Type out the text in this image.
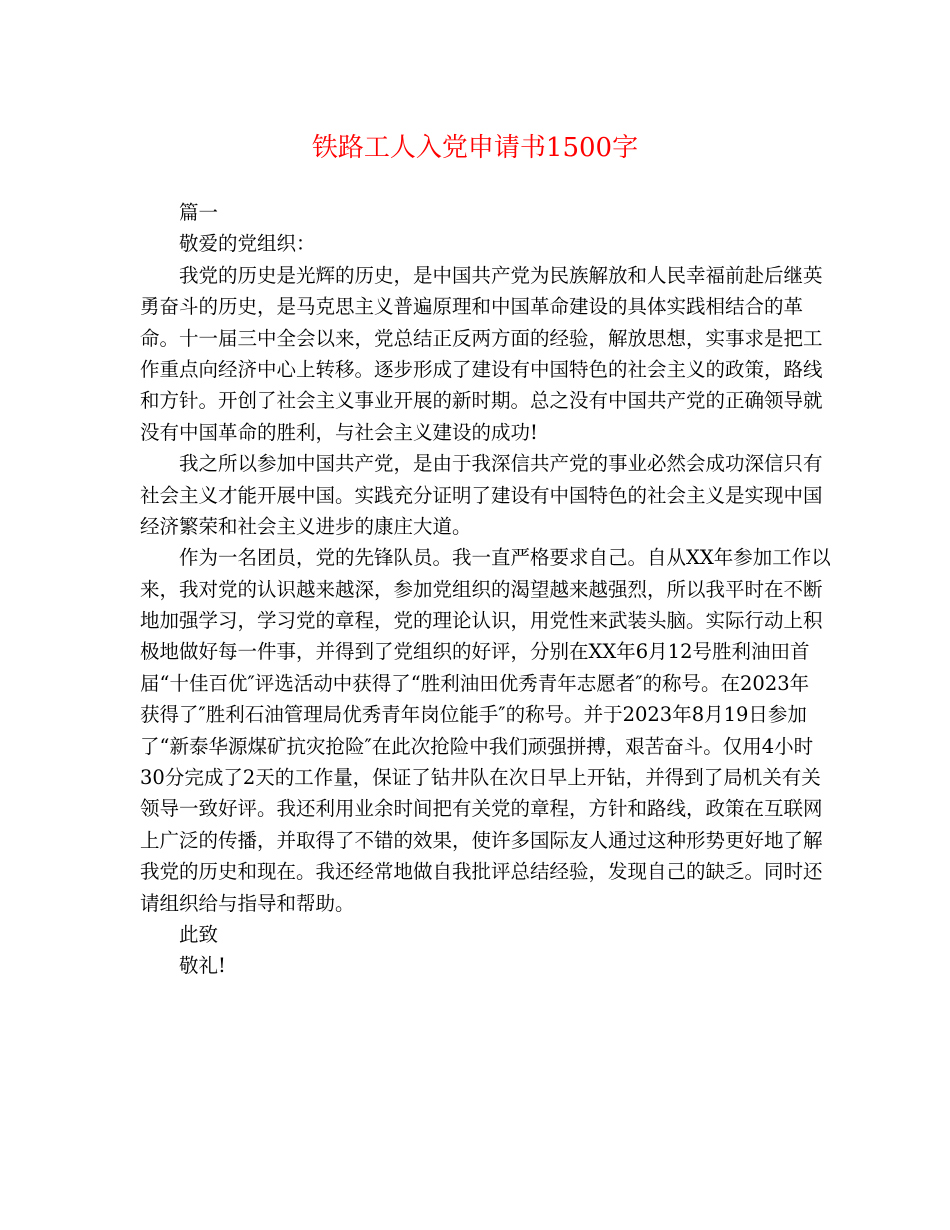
铁路工人入党申请书1500字
篇一
敬爱的党组织：
我党的历史是光辉的历史，是中国共产党为民族解放和人民幸福前赴后继英
勇奋斗的历史，是马克思主义普遍原理和中国革命建设的具体实践相结合的革
命。十一届三中全会以来，党总结正反两方面的经验，解放思想，实事求是把工
作重点向经济中心上转移。逐步形成了建设有中国特色的社会主义的政策，路线
和方针。开创了社会主义事业开展的新时期。总之没有中国共产党的正确领导就
没有中国革命的胜利，与社会主义建设的成功!
我之所以参加中国共产党，是由于我深信共产党的事业必然会成功深信只有
社会主义才能开展中国。实践充分证明了建设有中国特色的社会主义是实现中国
经济繁荣和社会主义进步的康庄大道。
作为一名团员，党的先锋队员。我一直严格要求自己。自从XX年参加工作以
来，我对党的认识越来越深，参加党组织的渴望越来越强烈，所以我平时在不断
地加强学习，学习党的章程，党的理论认识，用党性来武装头脑。实际行动上积
极地做好每一件事，并得到了党组织的好评，分别在XX年6月12号胜利油田首
届“十佳百优″评选活动中获得了“胜利油田优秀青年志愿者″的称号。在2023年
获得了″胜利石油管理局优秀青年岗位能手″的称号。并于2023年8月19日参加
了“新泰华源煤矿抗灾抢险″在此次抢险中我们顽强拼搏，艰苦奋斗。仅用4小时
30分完成了2天的工作量，保证了钻井队在次日早上开钻，并得到了局机关有关
领导一致好评。我还利用业余时间把有关党的章程，方针和路线，政策在互联网
上广泛的传播，并取得了不错的效果，使许多国际友人通过这种形势更好地了解
我党的历史和现在。我还经常地做自我批评总结经验，发现自己的缺乏。同时还
请组织给与指导和帮助。
此致
敬礼!
